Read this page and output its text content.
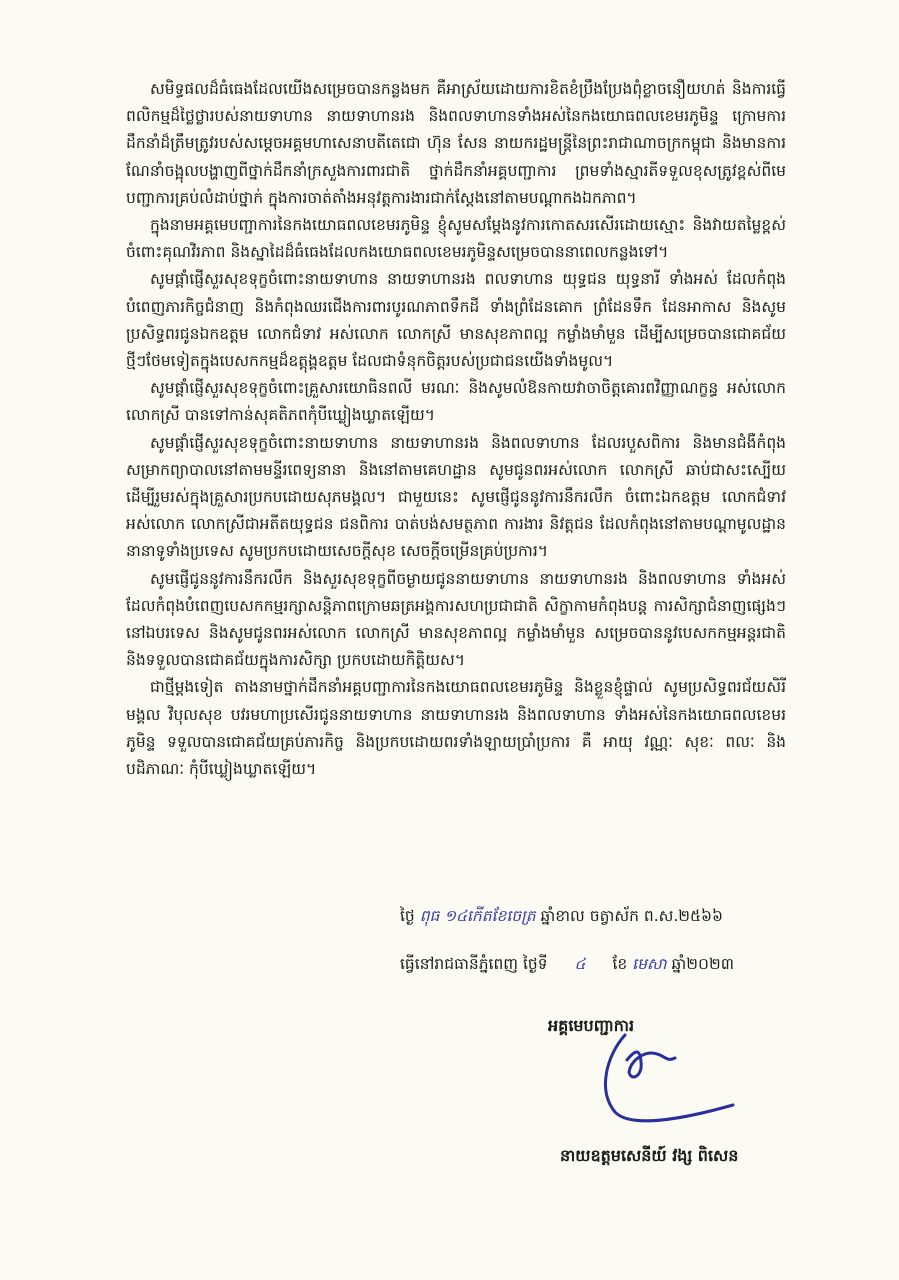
សមិទ្ធផលដ៏ធំធេងដែលយើងសម្រេចបានកន្លងមក គឺអាស្រ័យដោយការខិតខំប្រឹងប្រែងពុំខ្លាចនឿយហត់ និងការធ្វើពលិកម្មដ៏ថ្លៃថ្លារបស់នាយទាហាន នាយទាហានរង និងពលទាហានទាំងអស់នៃកងយោធពលខេមរភូមិន្ទ ក្រោមការដឹកនាំដ៏ត្រឹមត្រូវរបស់សម្តេចអគ្គមហាសេនាបតីតេជោ ហ៊ុន សែន នាយករដ្ឋមន្ត្រីនៃព្រះរាជាណាចក្រកម្ពុជា និងមានការណែនាំចង្អុលបង្ហាញពីថ្នាក់ដឹកនាំក្រសួងការពារជាតិ ថ្នាក់ដឹកនាំអគ្គបញ្ជាការ ព្រមទាំងស្មារតីទទួលខុសត្រូវខ្ពស់ពីមេបញ្ជាការគ្រប់លំដាប់ថ្នាក់ ក្នុងការចាត់តាំងអនុវត្តការងារជាក់ស្តែងនៅតាមបណ្តាកងឯកភាព។

ក្នុងនាមអគ្គមេបញ្ជាការនៃកងយោធពលខេមរភូមិន្ទ ខ្ញុំសូមសម្តែងនូវការកោតសរសើរដោយស្មោះ និងវាយតម្លៃខ្ពស់ចំពោះគុណវិរភាព និងស្នាដៃដ៏ធំធេងដែលកងយោធពលខេមរភូមិន្ទសម្រេចបាននាពេលកន្លងទៅ។

សូមផ្តាំផ្ញើសួរសុខទុក្ខចំពោះនាយទាហាន នាយទាហានរង ពលទាហាន យុទ្ធជន យុទ្ធនារី ទាំងអស់ ដែលកំពុងបំពេញភារកិច្ចជំនាញ និងកំពុងឈរជើងការពារបូរណភាពទឹកដី ទាំងព្រំដែនគោក ព្រំដែនទឹក ដែនអាកាស និងសូមប្រសិទ្ធពរជូនឯកឧត្តម លោកជំទាវ អស់លោក លោកស្រី មានសុខភាពល្អ កម្លាំងមាំមួន ដើម្បីសម្រេចបានជោគជ័យថ្មីៗថែមទៀតក្នុងបេសកកម្មដ៏ឧត្តុង្គឧត្តម ដែលជាទំនុកចិត្តរបស់ប្រជាជនយើងទាំងមូល។

សូមផ្តាំផ្ញើសួរសុខទុក្ខចំពោះគ្រួសារយោធិនពលី មរណៈ និងសូមលំឱនកាយវាចាចិត្តគោរពវិញ្ញាណក្ខន្ធ អស់លោក លោកស្រី បានទៅកាន់សុគតិភពកុំបីឃ្លៀងឃ្លាតឡើយ។

សូមផ្តាំផ្ញើសួរសុខទុក្ខចំពោះនាយទាហាន នាយទាហានរង និងពលទាហាន ដែលរបួសពិការ និងមានជំងឺកំពុងសម្រាកព្យាបាលនៅតាមមន្ទីរពេទ្យនានា និងនៅតាមគេហដ្ឋាន សូមជូនពរអស់លោក លោកស្រី ឆាប់ជាសះស្បើយ ដើម្បីរួមរស់ក្នុងគ្រួសារប្រកបដោយសុភមង្គល។ ជាមួយនេះ សូមផ្ញើជូននូវការនឹករលឹក ចំពោះឯកឧត្តម លោកជំទាវ អស់លោក លោកស្រីជាអតីតយុទ្ធជន ជនពិការ បាត់បង់សមត្ថភាព ការងារ និវត្តជន ដែលកំពុងនៅតាមបណ្តាមូលដ្ឋាននានាទូទាំងប្រទេស សូមប្រកបដោយសេចក្តីសុខ សេចក្តីចម្រើនគ្រប់ប្រការ។

សូមផ្ញើជូននូវការនឹករលឹក និងសួរសុខទុក្ខពីចម្ងាយជូននាយទាហាន នាយទាហានរង និងពលទាហាន ទាំងអស់ ដែលកំពុងបំពេញបេសកកម្មរក្សាសន្តិភាពក្រោមឆត្រអង្គការសហប្រជាជាតិ សិក្ខាកាមកំពុងបន្ត ការសិក្សាជំនាញផ្សេងៗនៅឯបរទេស និងសូមជូនពរអស់លោក លោកស្រី មានសុខភាពល្អ កម្លាំងមាំមួន សម្រេចបាននូវបេសកកម្មអន្តរជាតិ និងទទួលបានជោគជ័យក្នុងការសិក្សា ប្រកបដោយកិត្តិយស។

ជាថ្មីម្តងទៀត តាងនាមថ្នាក់ដឹកនាំអគ្គបញ្ជាការនៃកងយោធពលខេមរភូមិន្ទ និងខ្លួនខ្ញុំផ្ទាល់ សូមប្រសិទ្ធពរជ័យសិរីមង្គល វិបុលសុខ បវរមហាប្រសើរជូននាយទាហាន នាយទាហានរង និងពលទាហាន ទាំងអស់នៃកងយោធពលខេមរភូមិន្ទ ទទួលបានជោគជ័យគ្រប់ភារកិច្ច និងប្រកបដោយពរទាំងឡាយប្រាំប្រការ គឺ អាយុ វណ្ណៈ សុខៈ ពលៈ និងបដិភាណៈ កុំបីឃ្លៀងឃ្លាតឡើយ។

ថ្ងៃ ពុធ ១៤កើតខែចេត្រ ឆ្នាំខាល ចត្វាស័ក ព.ស.២៥៦៦
ធ្វើនៅរាជធានីភ្នំពេញ ថ្ងៃទី ៤ ខែ មេសា ឆ្នាំ២០២៣
អគ្គមេបញ្ជាការ
នាយឧត្តមសេនីយ៍ វង្ស ពិសេន
